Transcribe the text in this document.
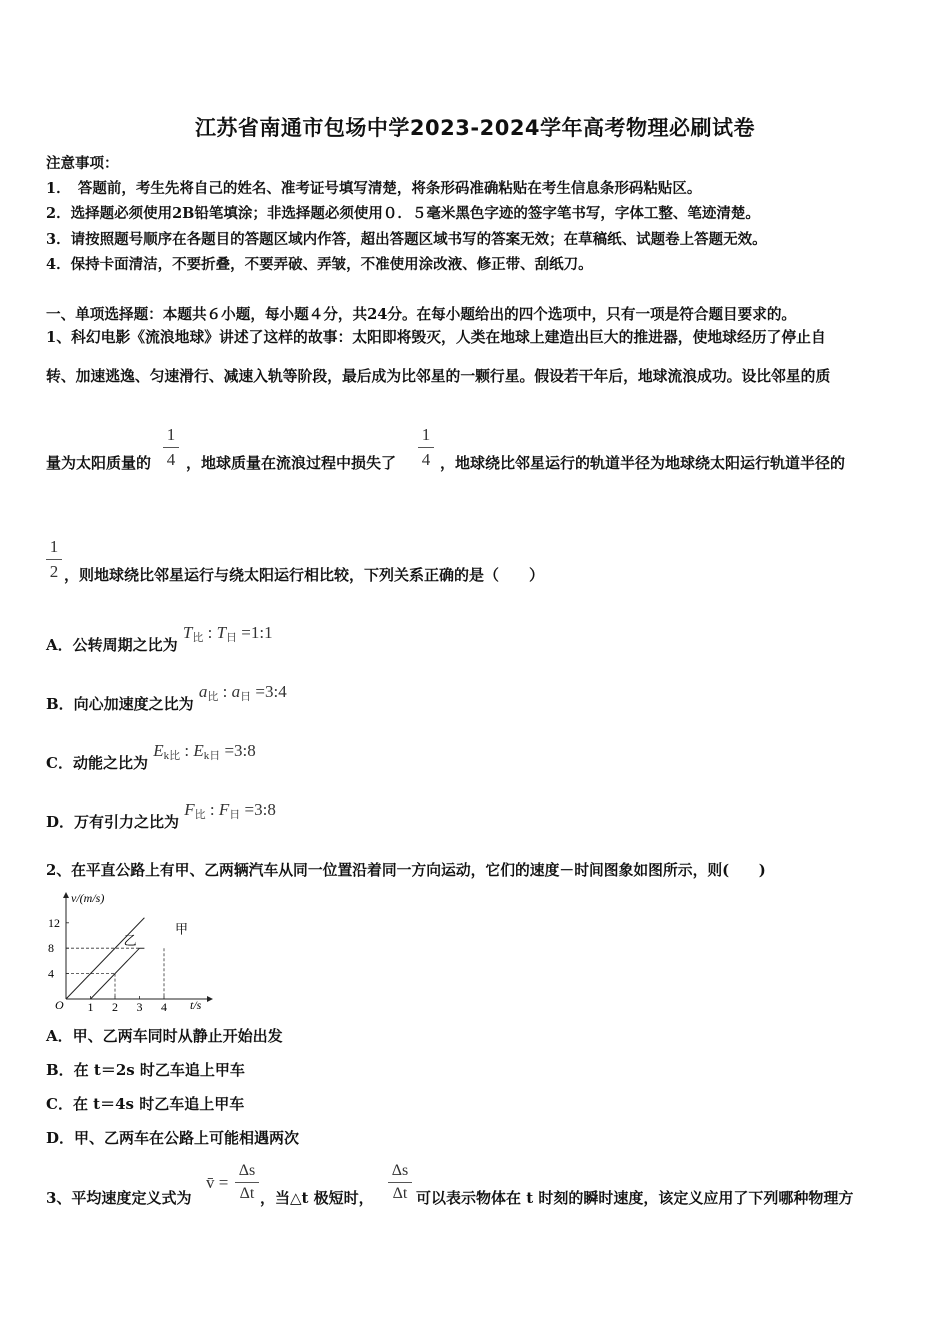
江苏省南通市包场中学2023-2024学年高考物理必刷试卷
注意事项：
1．　答题前，考生先将自己的姓名、准考证号填写清楚，将条形码准确粘贴在考生信息条形码粘贴区。
2．选择题必须使用2B铅笔填涂；非选择题必须使用０．５毫米黑色字迹的签字笔书写，字体工整、笔迹清楚。
3．请按照题号顺序在各题目的答题区域内作答，超出答题区域书写的答案无效；在草稿纸、试题卷上答题无效。
4．保持卡面清洁，不要折叠，不要弄破、弄皱，不准使用涂改液、修正带、刮纸刀。
一、单项选择题：本题共６小题，每小题４分，共24分。在每小题给出的四个选项中，只有一项是符合题目要求的。
1、科幻电影《流浪地球》讲述了这样的故事：太阳即将毁灭，人类在地球上建造出巨大的推进器，使地球经历了停止自
转、加速逃逸、匀速滑行、减速入轨等阶段，最后成为比邻星的一颗行星。假设若干年后，地球流浪成功。设比邻星的质
量为太阳质量的
1
4 ，地球质量在流浪过程中损失了
1
4 ，地球绕比邻星运行的轨道半径为地球绕太阳运行轨道半径的
1
2 ，则地球绕比邻星运行与绕太阳运行相比较，下列关系正确的是（　　）
A．公转周期之比为 $T_比$ : $T_日$ =1:1
B．向心加速度之比为 $a_比$ : $a_日$ =3:4
C．动能之比为 $E_{k比}$ : $E_{k日}$ =3:8
D．万有引力之比为 $F_比$ : $F_日$ =3:8
2、在平直公路上有甲、乙两辆汽车从同一位置沿着同一方向运动，它们的速度－时间图象如图所示，则(　　)
4
8
12
1 2 3 4
乙
甲
v/(m/s)
t/s
O
A．甲、乙两车同时从静止开始出发
B．在 t＝2s 时乙车追上甲车
C．在 t＝4s 时乙车追上甲车
D．甲、乙两车在公路上可能相遇两次
3、平均速度定义式为
v̄ =
Δs
Δt ，当△t 极短时，
Δs
Δt 可以表示物体在 t 时刻的瞬时速度，该定义应用了下列哪种物理方
